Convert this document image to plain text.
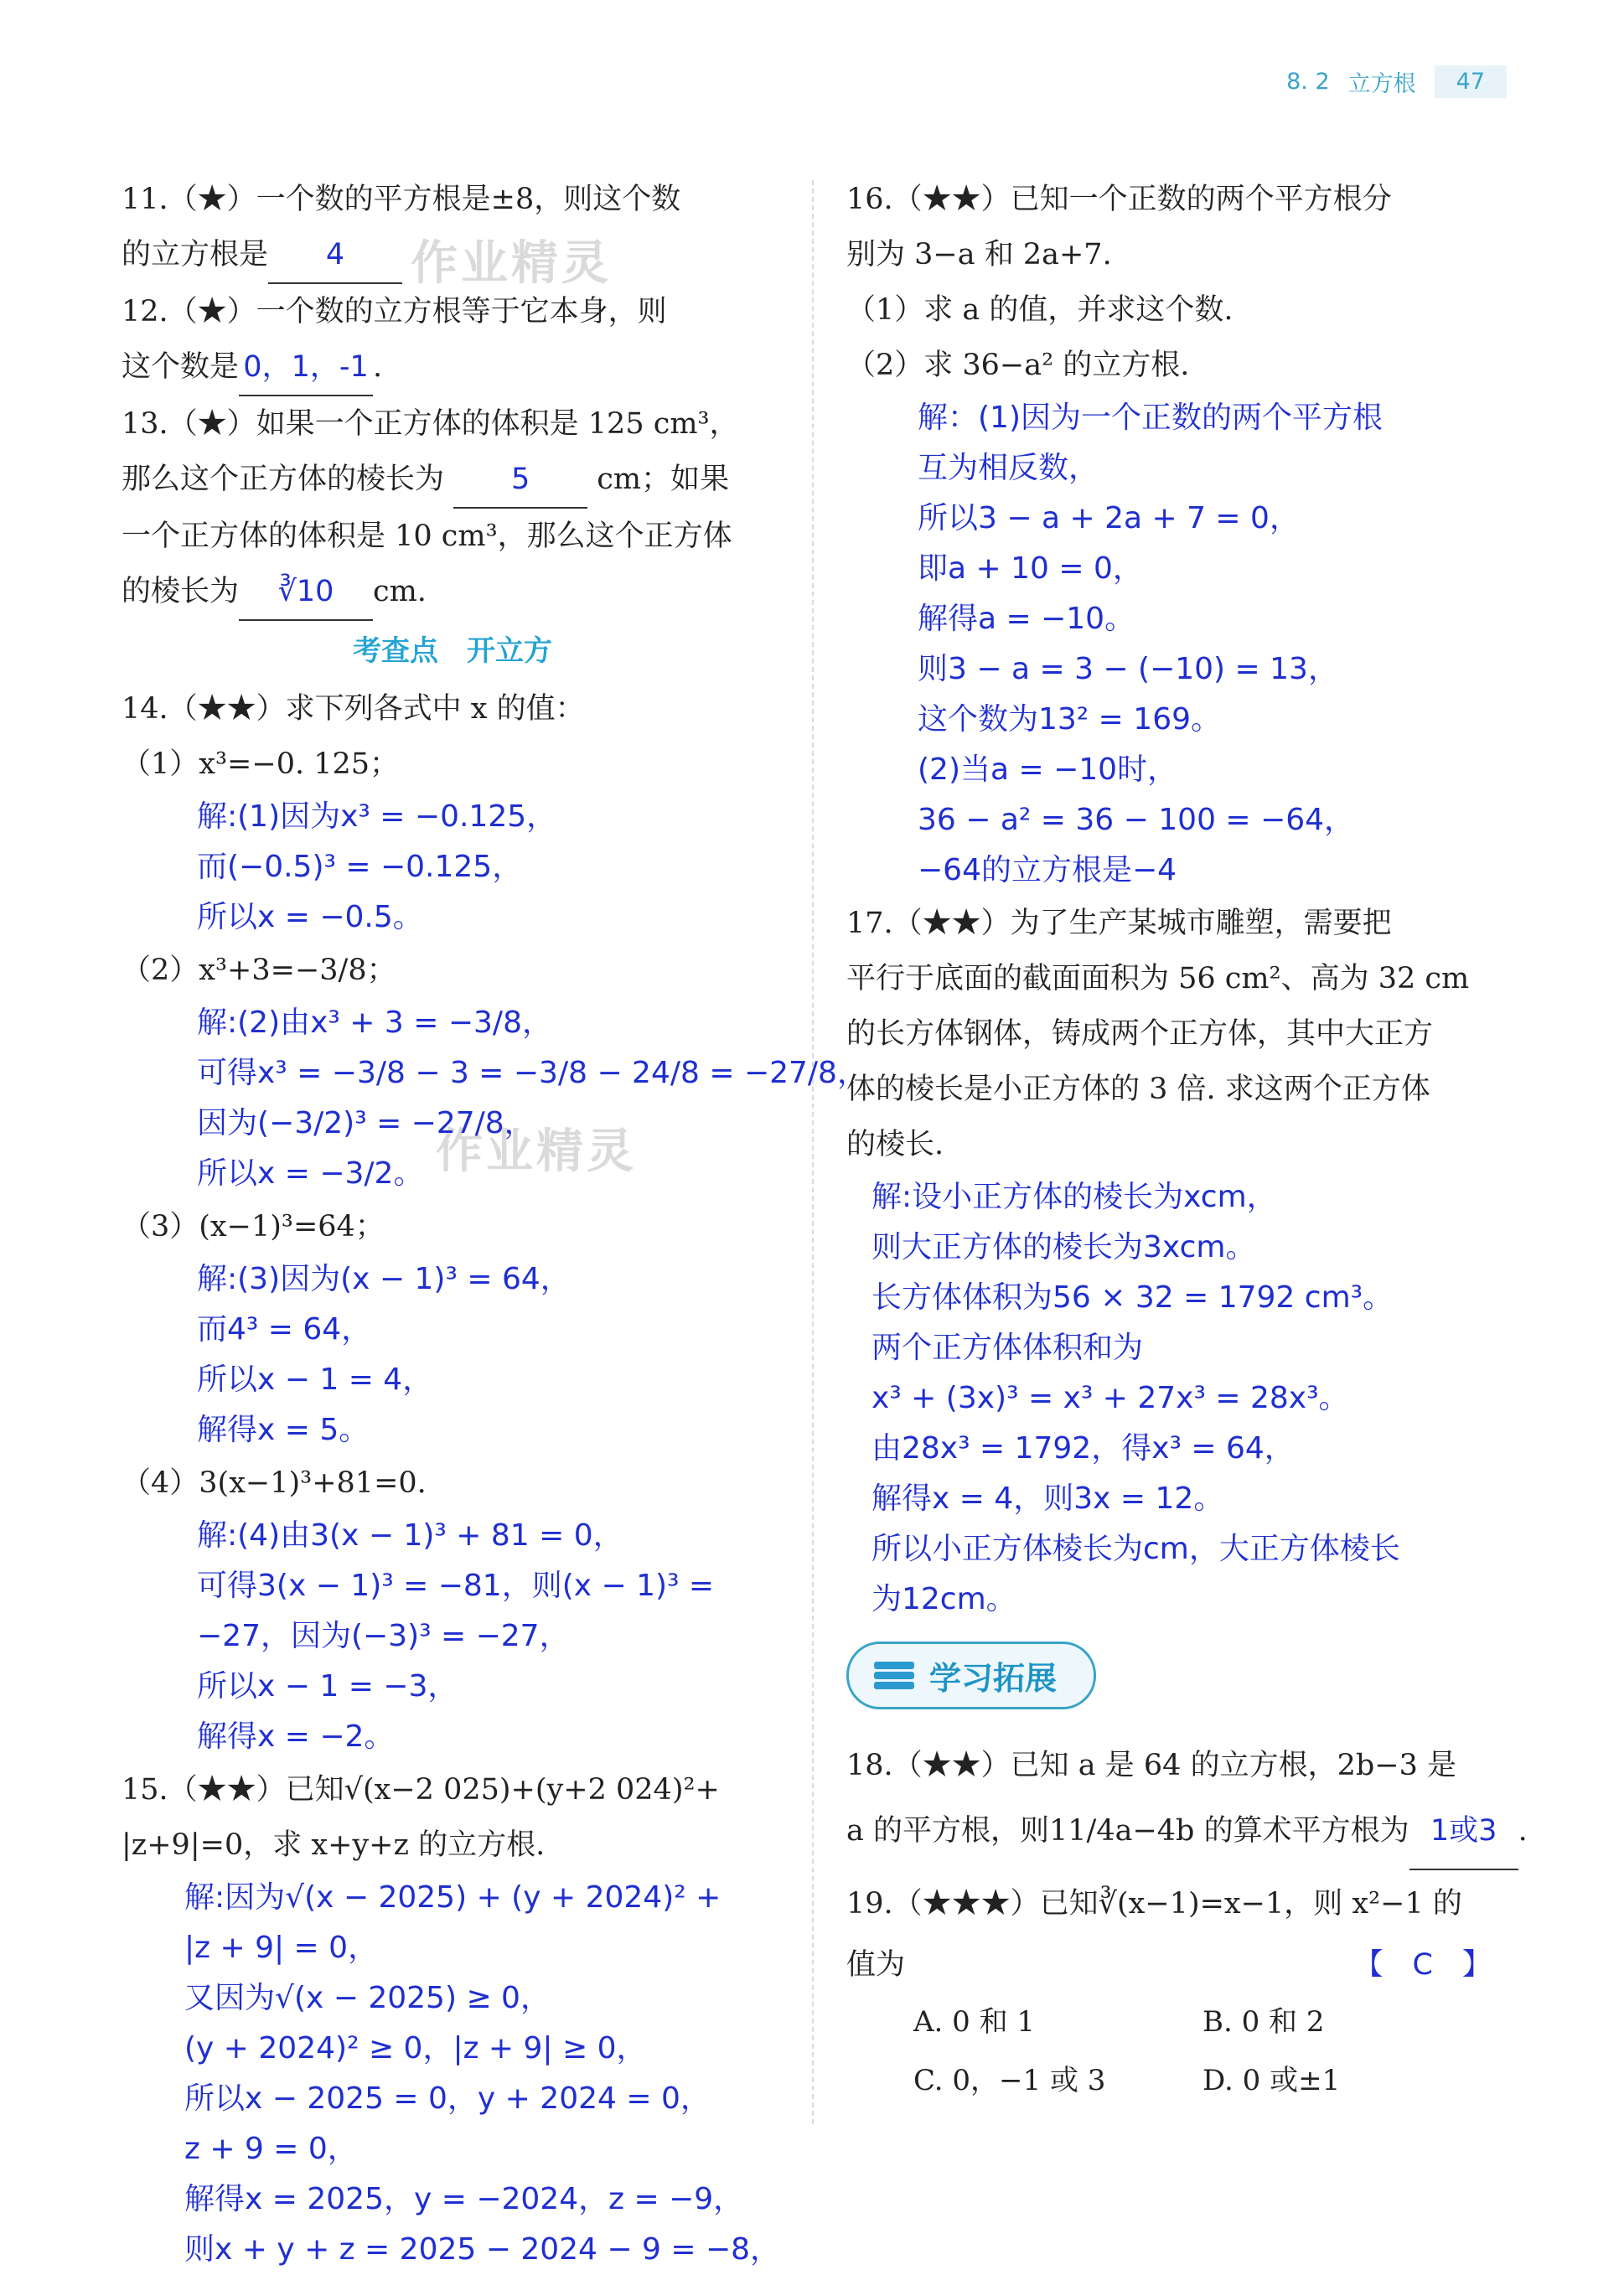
8. 2 立方根	47
作业精灵
作业精灵

11.（★）一个数的平方根是±8，则这个数

的立方根是 4

12.（★）一个数的立方根等于它本身，则

这个数是 0，1，-1 .

13.（★）如果一个正方体的体积是 125 cm³，

那么这个正方体的棱长为 5 cm；如果

一个正方体的体积是 10 cm³，那么这个正方体

的棱长为 ∛10 cm.

考查点　开立方

14.（★★）求下列各式中 x 的值：

（1）x³=−0. 125；

解:(1)因为x³ = −0.125，

而(−0.5)³ = −0.125，

所以x = −0.5。

（2）x³+3=−3/8；

解:(2)由x³ + 3 = −3/8，

可得x³ = −3/8 − 3 = −3/8 − 24/8 = −27/8，

因为(−3/2)³ = −27/8，

所以x = −3/2。

（3）(x−1)³=64；

解:(3)因为(x − 1)³ = 64，

而4³ = 64，

所以x − 1 = 4，

解得x = 5。

（4）3(x−1)³+81=0.

解:(4)由3(x − 1)³ + 81 = 0，

可得3(x − 1)³ = −81，则(x − 1)³ =

−27，因为(−3)³ = −27，

所以x − 1 = −3，

解得x = −2。

15.（★★）已知√(x−2 025)+(y+2 024)²+

|z+9|=0，求 x+y+z 的立方根.

解:因为√(x − 2025) + (y + 2024)² +

|z + 9| = 0，

又因为√(x − 2025) ≥ 0，

(y + 2024)² ≥ 0，|z + 9| ≥ 0，

所以x − 2025 = 0，y + 2024 = 0，

z + 9 = 0，

解得x = 2025，y = −2024，z = −9，

则x + y + z = 2025 − 2024 − 9 = −8，

16.（★★）已知一个正数的两个平方根分

别为 3−a 和 2a+7.

（1）求 a 的值，并求这个数.

（2）求 36−a² 的立方根.

解：(1)因为一个正数的两个平方根

互为相反数，

所以3 − a + 2a + 7 = 0，

即a + 10 = 0，

解得a = −10。

则3 − a = 3 − (−10) = 13，

这个数为13² = 169。

(2)当a = −10时，

36 − a² = 36 − 100 = −64，

−64的立方根是−4

17.（★★）为了生产某城市雕塑，需要把

平行于底面的截面面积为 56 cm²、高为 32 cm

的长方体钢体，铸成两个正方体，其中大正方

体的棱长是小正方体的 3 倍. 求这两个正方体

的棱长.

解:设小正方体的棱长为xcm，

则大正方体的棱长为3xcm。

长方体体积为56 × 32 = 1792 cm³。

两个正方体体积和为

x³ + (3x)³ = x³ + 27x³ = 28x³。

由28x³ = 1792，得x³ = 64，

解得x = 4，则3x = 12。

所以小正方体棱长为cm，大正方体棱长

为12cm。

学习拓展

18.（★★）已知 a 是 64 的立方根，2b−3 是

a 的平方根，则11/4a−4b 的算术平方根为 1或3 .

19.（★★★）已知∛(x−1)=x−1，则 x²−1 的

值为	【　C　】

A. 0 和 1	B. 0 和 2
C. 0，−1 或 3	D. 0 或±1
